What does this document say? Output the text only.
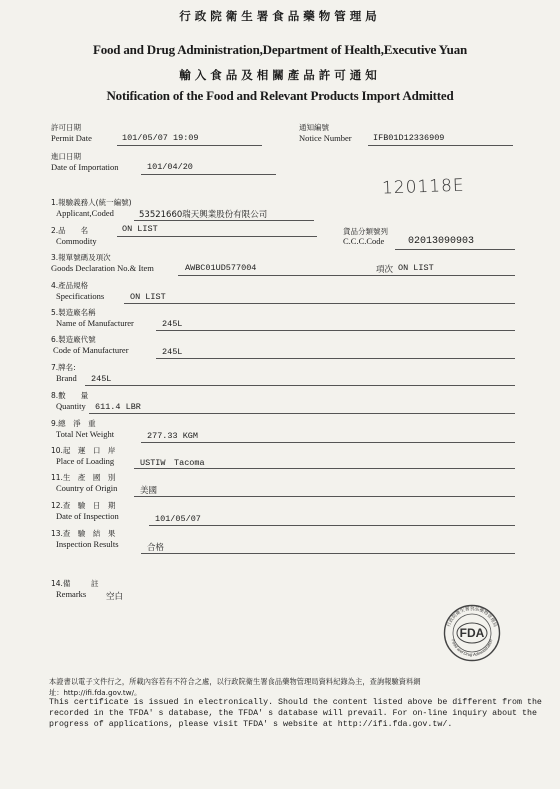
行政院衛生署食品藥物管理局
Food and Drug Administration,Department of Health,Executive Yuan
輸入食品及相關產品許可通知
Notification of the Food and Relevant Products Import Admitted
許可日期
Permit Date	101/05/07 19:09
通知編號
Notice Number	IFB01D12336909
進口日期
Date of Importation	101/04/20
120118E
1.報驗義務人(統一編號)
Applicant,Coded	53521660瑞天興業股份有限公司
2.品　　名	ON LIST
Commodity
貨品分類號列
C.C.C.Code 02013090903
3.報單號碼及項次
Goods Declaration No.& Item	AWBC01UD577004	項次 ON LIST
4.產品規格
Specifications	ON LIST
5.製造廠名稱
Name of Manufacturer	245L
6.製造廠代號
Code of Manufacturer	245L
7.牌名:
Brand 245L
8.數　　量
Quantity 611.4 LBR
9.總　淨　重
Total Net Weight	277.33 KGM
10.起　運　口　岸
Place of Loading	USTIW　Tacoma
11.生　產　國　別
Country of Origin	美國
12.查　驗　日　期
Date of Inspection	101/05/07
13.查　驗　結　果
Inspection Results	合格
14.備	註
Remarks 空白
FDA
行政院衛生署食品藥物管理局
Food and Drug Administration
本證書以電子文件行之，所載內容若有不符合之處，以行政院衛生署食品藥物管理局資料紀錄為主，查詢報驗資料網
址：http://ifi.fda.gov.tw/。
This certificate is issued in electronically. Should the content listed above be different from the
recorded in the TFDA' s database, the TFDA' s database will prevail. For on-line inquiry about the
progress of applications, please visit TFDA' s website at http://ifi.fda.gov.tw/.
